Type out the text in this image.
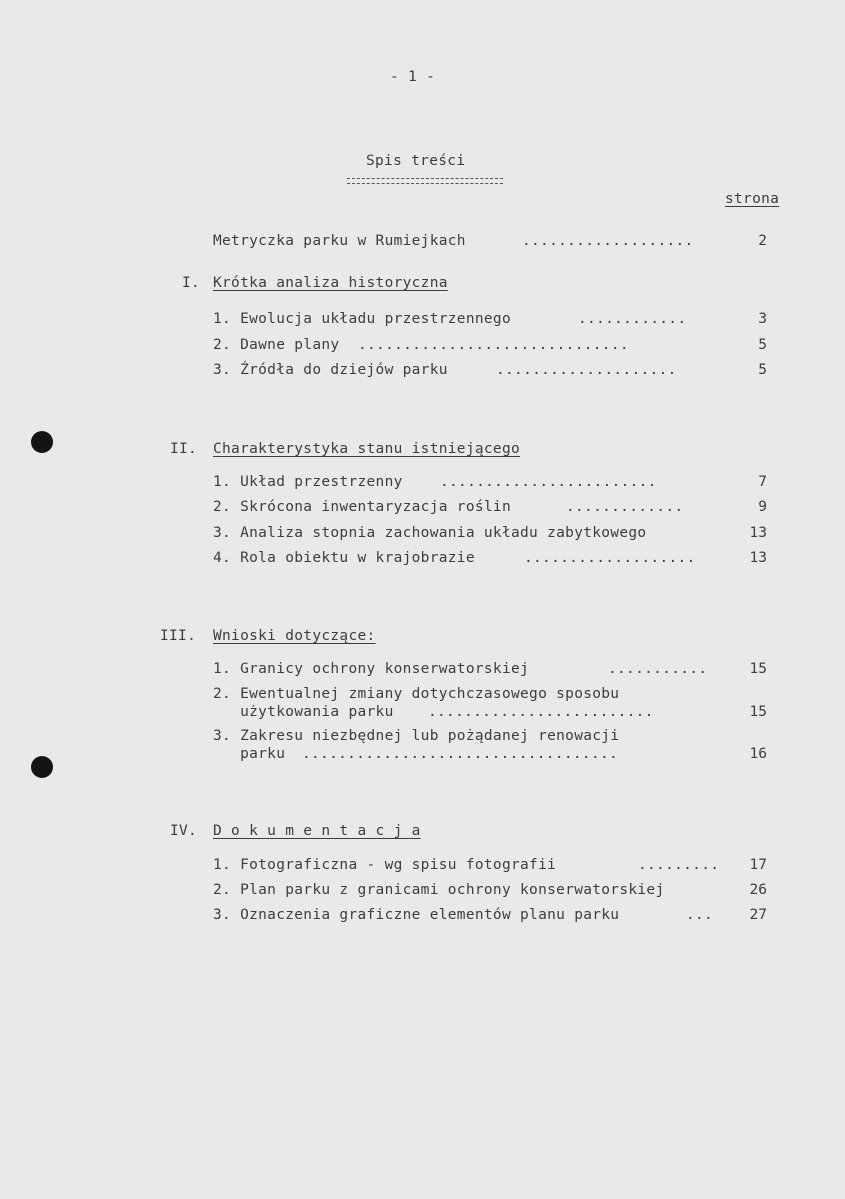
- 1 -
Spis treści
strona
Metryczka parku w Rumiejkach	...................	2
I. Krótka analiza historyczna
1. Ewolucja układu przestrzennego	............	3
2. Dawne plany ..............................	5
3. Źródła do dziejów parku	....................	5
II. Charakterystyka stanu istniejącego
1. Układ przestrzenny	........................	7
2. Skrócona inwentaryzacja roślin	.............	9
3. Analiza stopnia zachowania układu zabytkowego	13
4. Rola obiektu w krajobrazie	...................	13
III. Wnioski dotyczące:
1. Granicy ochrony konserwatorskiej	...........	15
2. Ewentualnej zmiany dotychczasowego sposobu
użytkowania parku .........................	15
3. Zakresu niezbędnej lub pożądanej renowacji
parku ...................................	16
IV. D o k u m e n t a c j a
1. Fotograficzna - wg spisu fotografii	......... 17
2. Plan parku z granicami ochrony konserwatorskiej	26
3. Oznaczenia graficzne elementów planu parku	...	27
